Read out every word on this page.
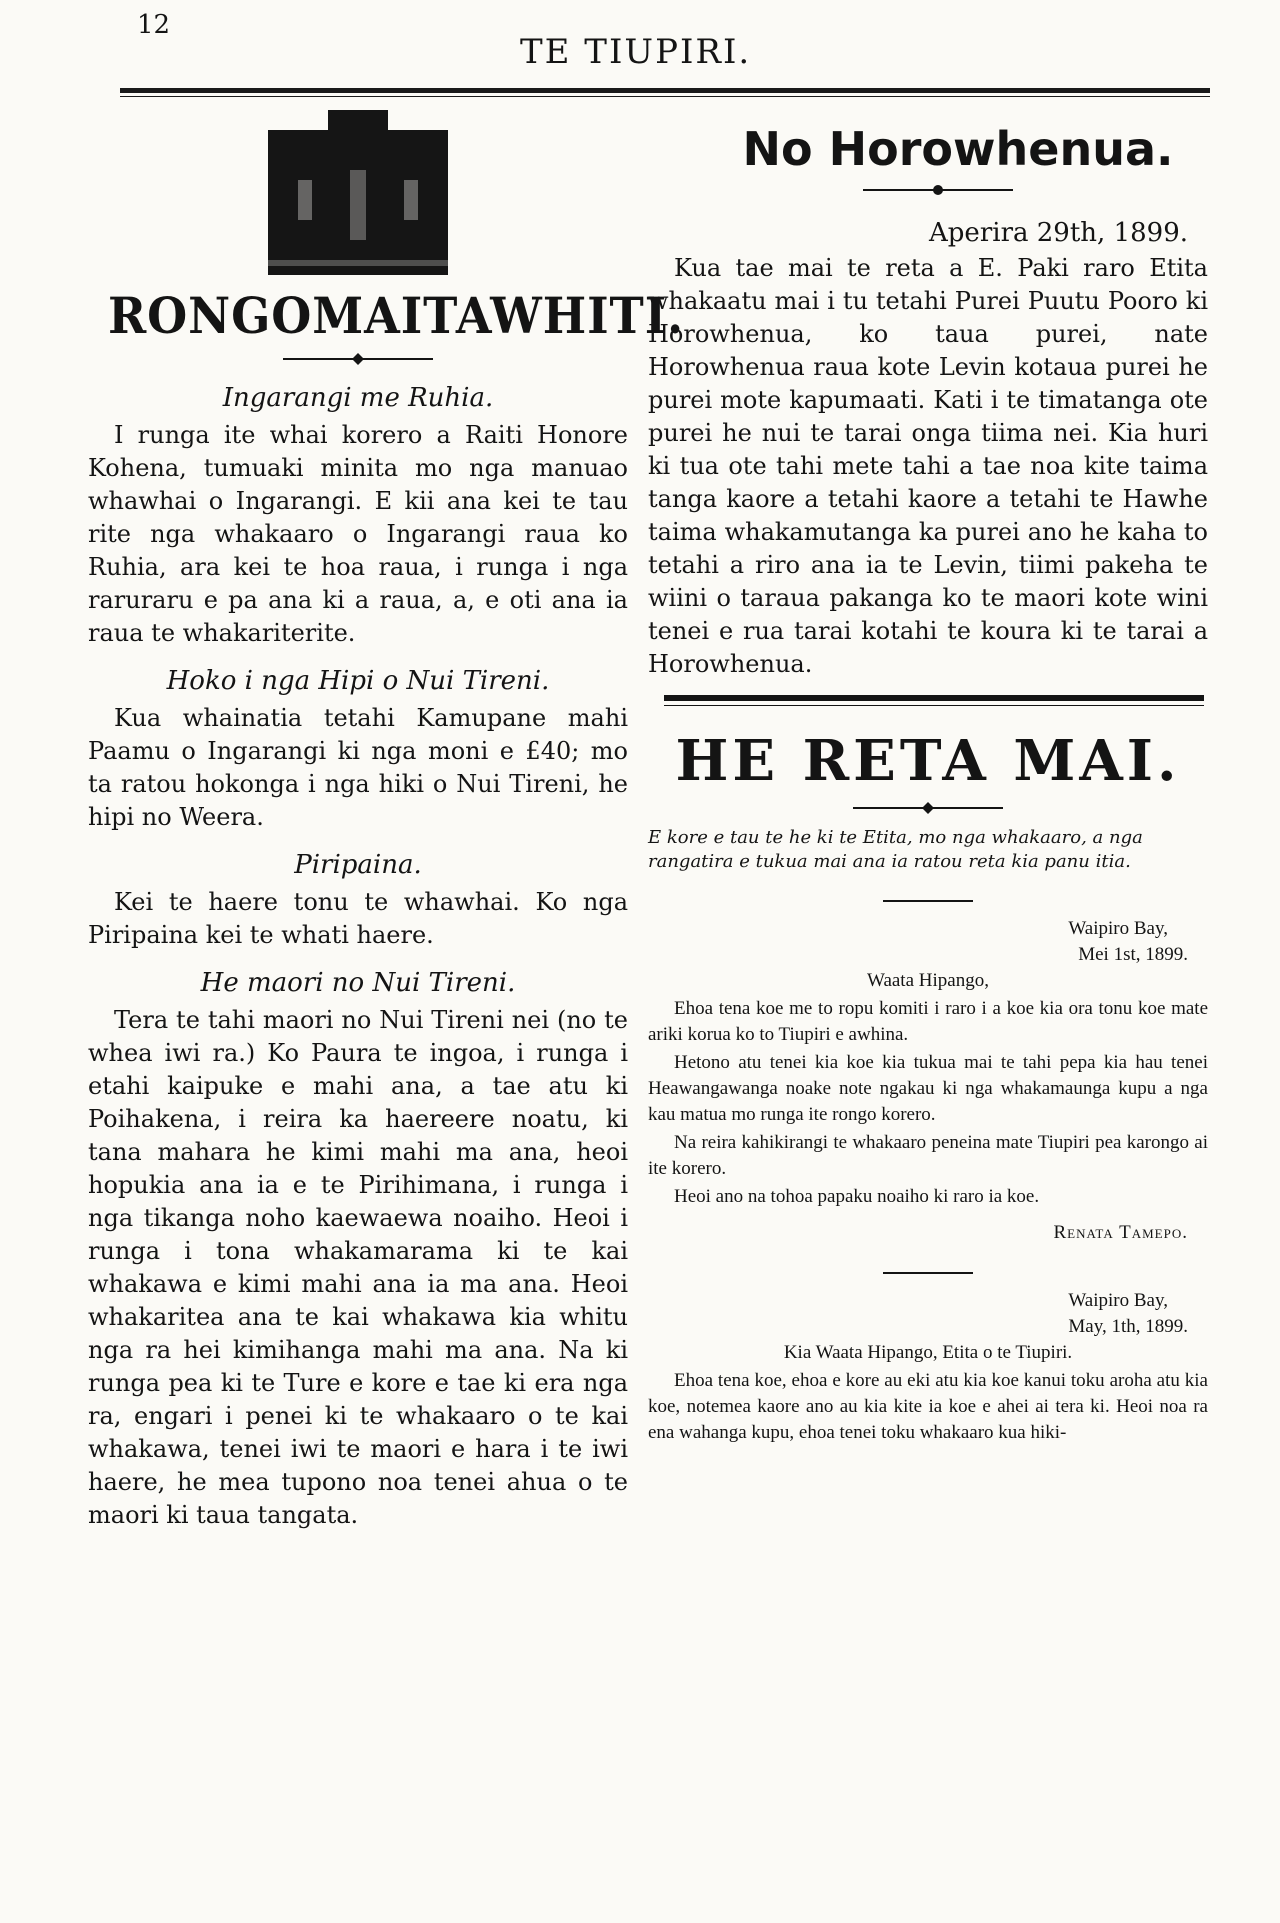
12
TE TIUPIRI.
RONGOMAITAWHITI.
Ingarangi me Ruhia.

I runga ite whai korero a Raiti Honore Kohena, tumuaki minita mo nga manuao whawhai o Ingarangi. E kii ana kei te tau rite nga whakaaro o Ingarangi raua ko Ruhia, ara kei te hoa raua, i runga i nga raruraru e pa ana ki a raua, a, e oti ana ia raua te whakariterite.

Hoko i nga Hipi o Nui Tireni.

Kua whainatia tetahi Kamupane mahi Paamu o Ingarangi ki nga moni e £40; mo ta ratou hokonga i nga hiki o Nui Tireni, he hipi no Weera.

Piripaina.

Kei te haere tonu te whawhai. Ko nga Piripaina kei te whati haere.

He maori no Nui Tireni.

Tera te tahi maori no Nui Tireni nei (no te whea iwi ra.) Ko Paura te ingoa, i runga i etahi kaipuke e mahi ana, a tae atu ki Poihakena, i reira ka haereere noatu, ki tana mahara he kimi mahi ma ana, heoi hopukia ana ia e te Pirihimana, i runga i nga tikanga noho kaewaewa noaiho. Heoi i runga i tona whakamarama ki te kai whakawa e kimi mahi ana ia ma ana. Heoi whakaritea ana te kai whakawa kia whitu nga ra hei kimihanga mahi ma ana. Na ki runga pea ki te Ture e kore e tae ki era nga ra, engari i penei ki te whakaaro o te kai whakawa, tenei iwi te maori e hara i te iwi haere, he mea tupono noa tenei ahua o te maori ki taua tangata.

No Horowhenua.
Aperira 29th, 1899.

Kua tae mai te reta a E. Paki raro Etita whakaatu mai i tu tetahi Purei Puutu Pooro ki Horowhenua, ko taua purei, nate Horowhenua raua kote Levin kotaua purei he purei mote kapumaati. Kati i te timatanga ote purei he nui te tarai onga tiima nei. Kia huri ki tua ote tahi mete tahi a tae noa kite taima tanga kaore a tetahi kaore a tetahi te Hawhe taima whakamutanga ka purei ano he kaha to tetahi a riro ana ia te Levin, tiimi pakeha te wiini o taraua pakanga ko te maori kote wini tenei e rua tarai kotahi te koura ki te tarai a Horowhenua.

HE RETA MAI.
E kore e tau te he ki te Etita, mo nga whakaaro, a nga rangatira e tukua mai ana ia ratou reta kia panu itia.
Waipiro Bay,
Mei 1st, 1899.
Waata Hipango,

Ehoa tena koe me to ropu komiti i raro i a koe kia ora tonu koe mate ariki korua ko to Tiupiri e awhina.

Hetono atu tenei kia koe kia tukua mai te tahi pepa kia hau tenei Heawangawanga noake note ngakau ki nga whakamaunga kupu a nga kau matua mo runga ite rongo korero.

Na reira kahikirangi te whakaaro peneina mate Tiupiri pea karongo ai ite korero.

Heoi ano na tohoa papaku noaiho ki raro ia koe.

Renata Tamepo.
Waipiro Bay,
May, 1th, 1899.
Kia Waata Hipango, Etita o te Tiupiri.

Ehoa tena koe, ehoa e kore au eki atu kia koe kanui toku aroha atu kia koe, notemea kaore ano au kia kite ia koe e ahei ai tera ki. Heoi noa ra ena wahanga kupu, ehoa tenei toku whakaaro kua hiki-
